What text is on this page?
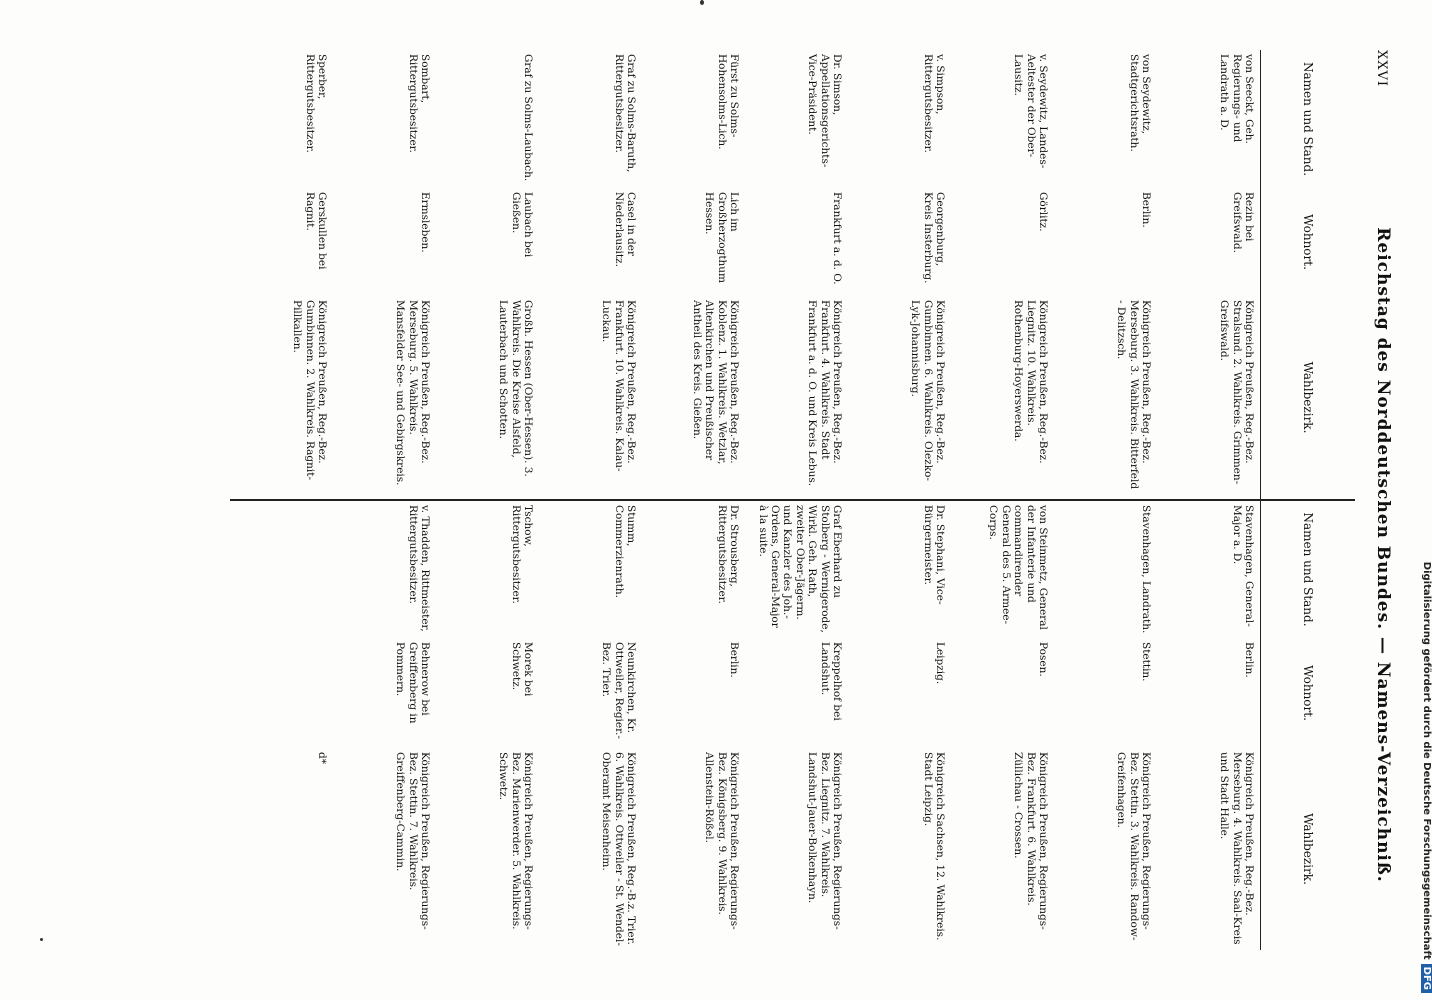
XXVI
Reichstag des Norddeutschen Bundes. — Namens-Verzeichniß.
Namen und Stand.	Wohnort.	Wahlbezirk.	Namen und Stand.	Wohnort.	Wahlbezirk.
von Seeckt, Geh. Regierungs- und Landrath a. D.	Rezin bei Greifswald.	Königreich Preußen, Reg.-Bez. Stralsund. 2. Wahlkreis. Grimmen-Greifswald.	Stavenhagen, General-Major a. D.	Berlin.	Königreich Preußen, Reg.-Bez. Merseburg. 4. Wahlkreis. Saal-Kreis und Stadt Halle.
von Seydewitz, Stadtgerichtsrath.	Berlin.	Königreich Preußen, Reg.-Bez. Merseburg. 3. Wahlkreis. Bitterfeld - Delitzsch.	Stavenhagen, Landrath.	Stettin.	Königreich Preußen, Regierungs-Bez. Stettin. 3. Wahlkreis. Randow-Greifenhagen.
v. Seydewitz, Landes-Aeltester der Ober-Lausitz.	Görlitz.	Königreich Preußen, Reg.-Bez. Liegnitz. 10. Wahlkreis. Rothenburg-Hoyerswerda.	von Steinmetz, General der Infanterie und commandirender General des 5. Armee-Corps.	Posen.	Königreich Preußen, Regierungs-Bez. Frankfurt. 6. Wahlkreis. Züllichau - Crossen.
v. Simpson, Rittergutsbesitzer.	Georgenburg, Kreis Insterburg.	Königreich Preußen, Reg.-Bez. Gumbinnen. 6. Wahlkreis. Olezko-Lyk-Johannisburg.	Dr. Stephani, Vice-Bürgermeister.	Leipzig.	Königreich Sachsen, 12. Wahlkreis. Stadt Leipzig.
Dr. Simson, Appellationsgerichts-Vice-Präsident.	Frankfurt a. d. O.	Königreich Preußen, Reg.-Bez. Frankfurt. 4. Wahlkreis. Stadt Frankfurt a. d. O. und Kreis Lebus.	Graf Eberhard zu Stolberg - Wernigerode, Wirkl. Geh. Rath, zweiter Ober-Jägerm. und Kanzler des Joh.-Ordens, General-Major à la suite.	Kreppelhof bei Landshut.	Königreich Preußen, Regierungs-Bez. Liegnitz. 7. Wahlkreis. Landshut-Jauer-Bolkenhayn.
Fürst zu Solms-Hohensolms-Lich.	Lich im Großherzogthum Hessen.	Königreich Preußen, Reg.-Bez. Koblenz. 1. Wahlkreis. Wetzlar, Altenkirchen und Preußischer Antheil des Kreis. Gießen.	Dr. Strousberg, Rittergutsbesitzer.	Berlin.	Königreich Preußen, Regierungs-Bez. Königsberg. 9. Wahlkreis. Allenstein-Rößel.
Graf zu Solms-Baruth, Rittergutsbesitzer.	Casel in der Niederlausitz.	Königreich Preußen, Reg.-Bez. Frankfurt. 10. Wahlkreis. Kalau-Luckau.	Stumm, Commerzienrath.	Neunkirchen, Kr. Ottweiler, Regier.-Bez. Trier.	Königreich Preußen, Reg.-B.z. Trier. 6. Wahlkreis. Ottweiler - St. Wendel-Oberamt Meisenheim.
Graf zu Solms-Laubach.	Laubach bei Gießen.	Großh. Hessen (Ober-Hessen). 3. Wahlkreis. Die Kreise Alsfeld, Lauterbach und Schotten.	Tschow, Rittergutsbesitzer.	Morek bei Schwetz.	Königreich Preußen, Regierungs-Bez. Marienwerder. 5. Wahlkreis. Schwetz.
Sombart, Rittergutsbesitzer.	Ermsleben.	Königreich Preußen, Reg.-Bez. Merseburg. 5. Wahlkreis. Mansfelder See- und Gebirgskreis.	v. Thadden, Rittmeister, Rittergutsbesitzer.	Behnerow bei Greiffenberg in Pommern.	Königreich Preußen, Regierungs-Bez. Stettin. 7. Wahlkreis. Greiffenberg-Cammin.
Sperber, Rittergutsbesitzer.	Gerskullen bei Ragnit.	Königreich Preußen, Reg.-Bez. Gumbinnen. 2. Wahlkreis. Ragnit-Pillkallen.			d*	Digitalisierung gefördert durch die Deutsche ForschungsgemeinschaftDFG
